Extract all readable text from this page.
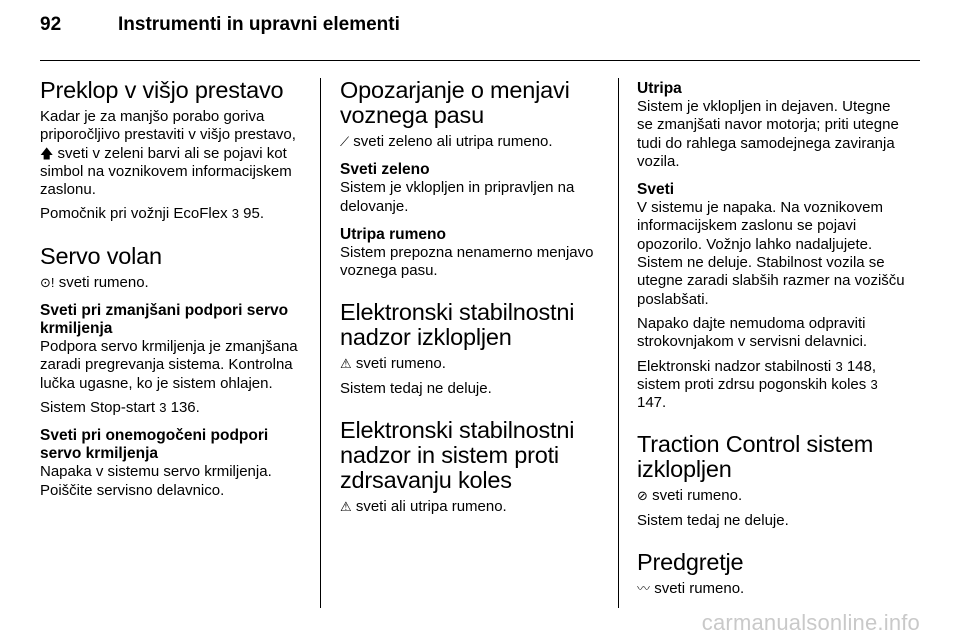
92	Instrumenti in upravni elementi
Preklop v višjo prestavo

Kadar je za manjšo porabo goriva priporočljivo prestaviti v višjo prestavo, 🡅 sveti v zeleni barvi ali se pojavi kot simbol na voznikovem informacijskem zaslonu.

Pomočnik pri vožnji EcoFlex 3 95.

Servo volan

⊙! sveti rumeno.

Sveti pri zmanjšani podpori servo krmiljenja

Podpora servo krmiljenja je zmanjšana zaradi pregrevanja sistema. Kontrolna lučka ugasne, ko je sistem ohlajen.

Sistem Stop-start 3 136.

Sveti pri onemogočeni podpori servo krmiljenja

Napaka v sistemu servo krmiljenja. Poiščite servisno delavnico.

Opozarjanje o menjavi voznega pasu

⟋ sveti zeleno ali utripa rumeno.

Sveti zeleno

Sistem je vklopljen in pripravljen na delovanje.

Utripa rumeno

Sistem prepozna nenamerno menjavo voznega pasu.

Elektronski stabilnostni nadzor izklopljen

⚠ sveti rumeno.

Sistem tedaj ne deluje.

Elektronski stabilnostni nadzor in sistem proti zdrsavanju koles

⚠ sveti ali utripa rumeno.

Utripa

Sistem je vklopljen in dejaven. Utegne se zmanjšati navor motorja; priti utegne tudi do rahlega samodejnega zaviranja vozila.

Sveti

V sistemu je napaka. Na voznikovem informacijskem zaslonu se pojavi opozorilo. Vožnjo lahko nadaljujete. Sistem ne deluje. Stabilnost vozila se utegne zaradi slabših razmer na vozišču poslabšati.

Napako dajte nemudoma odpraviti strokovnjakom v servisni delavnici.

Elektronski nadzor stabilnosti 3 148, sistem proti zdrsu pogonskih koles 3 147.

Traction Control sistem izklopljen

⊘ sveti rumeno.

Sistem tedaj ne deluje.

Predgretje

〰 sveti rumeno.

carmanualsonline.info
